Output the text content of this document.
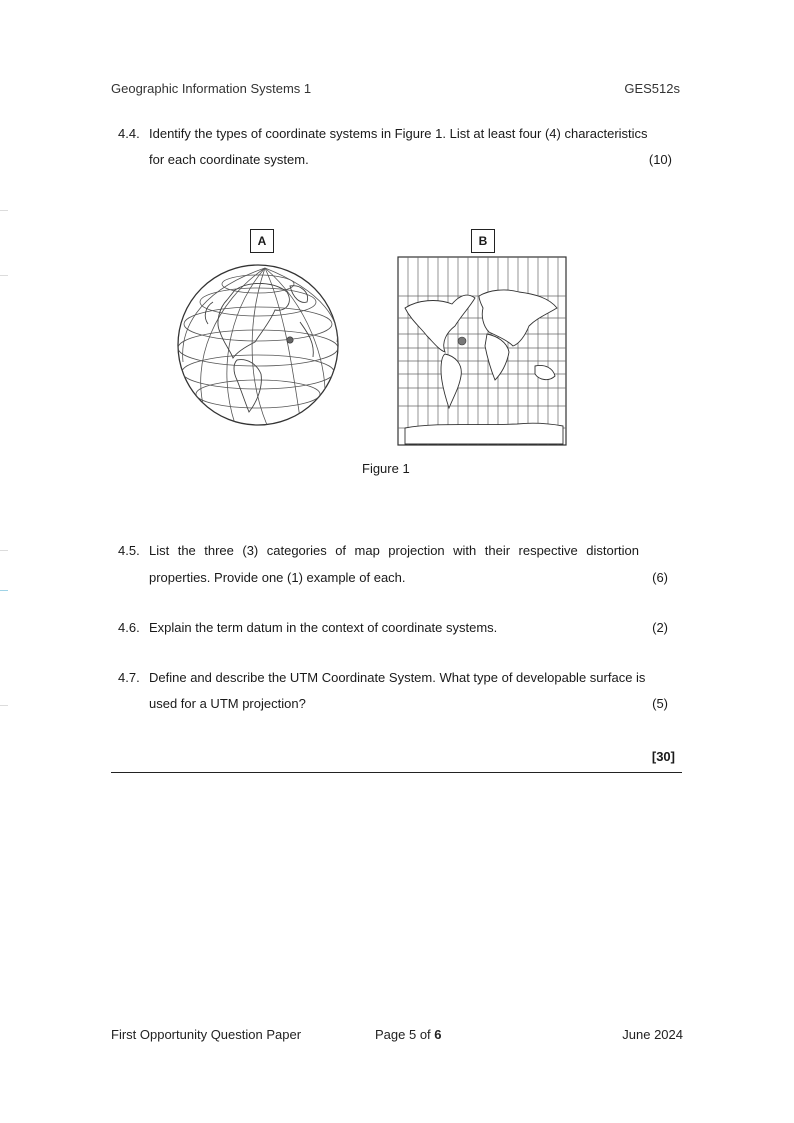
Geographic Information Systems 1	GES512s
4.4. Identify the types of coordinate systems in Figure 1. List at least four (4) characteristics
for each coordinate system.	(10)
A	B
Figure 1
4.5. List the three (3) categories of map projection with their respective distortion
properties. Provide one (1) example of each.	(6)
4.6. Explain the term datum in the context of coordinate systems.	(2)
4.7. Define and describe the UTM Coordinate System. What type of developable surface is
used for a UTM projection?	(5)
[30]
First Opportunity Question Paper	Page 5 of 6	June 2024
